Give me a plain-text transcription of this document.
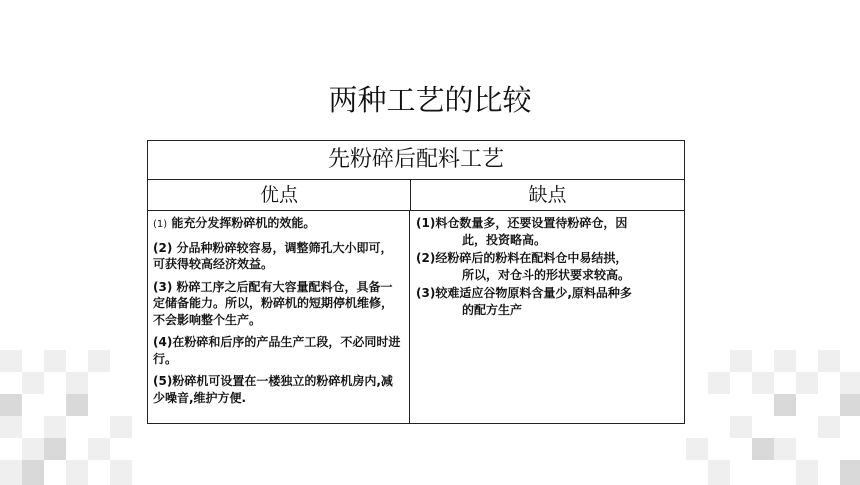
两种工艺的比较
先粉碎后配料工艺
优点	缺点
(1) 能充分发挥粉碎机的效能。
(2) 分品种粉碎较容易，调整筛孔大小即可，可获得较高经济效益。
(3) 粉碎工序之后配有大容量配料仓，具备一定储备能力。所以，粉碎机的短期停机维修，不会影响整个生产。
(4)在粉碎和后序的产品生产工段，不必同时进行。
(5)粉碎机可设置在一楼独立的粉碎机房内,减少噪音,维护方便.
(1)料仓数量多，还要设置待粉碎仓，因
此，投资略高。
(2)经粉碎后的粉料在配料仓中易结拱，
所以，对仓斗的形状要求较高。
(3)较难适应谷物原料含量少,原料品种多
的配方生产
